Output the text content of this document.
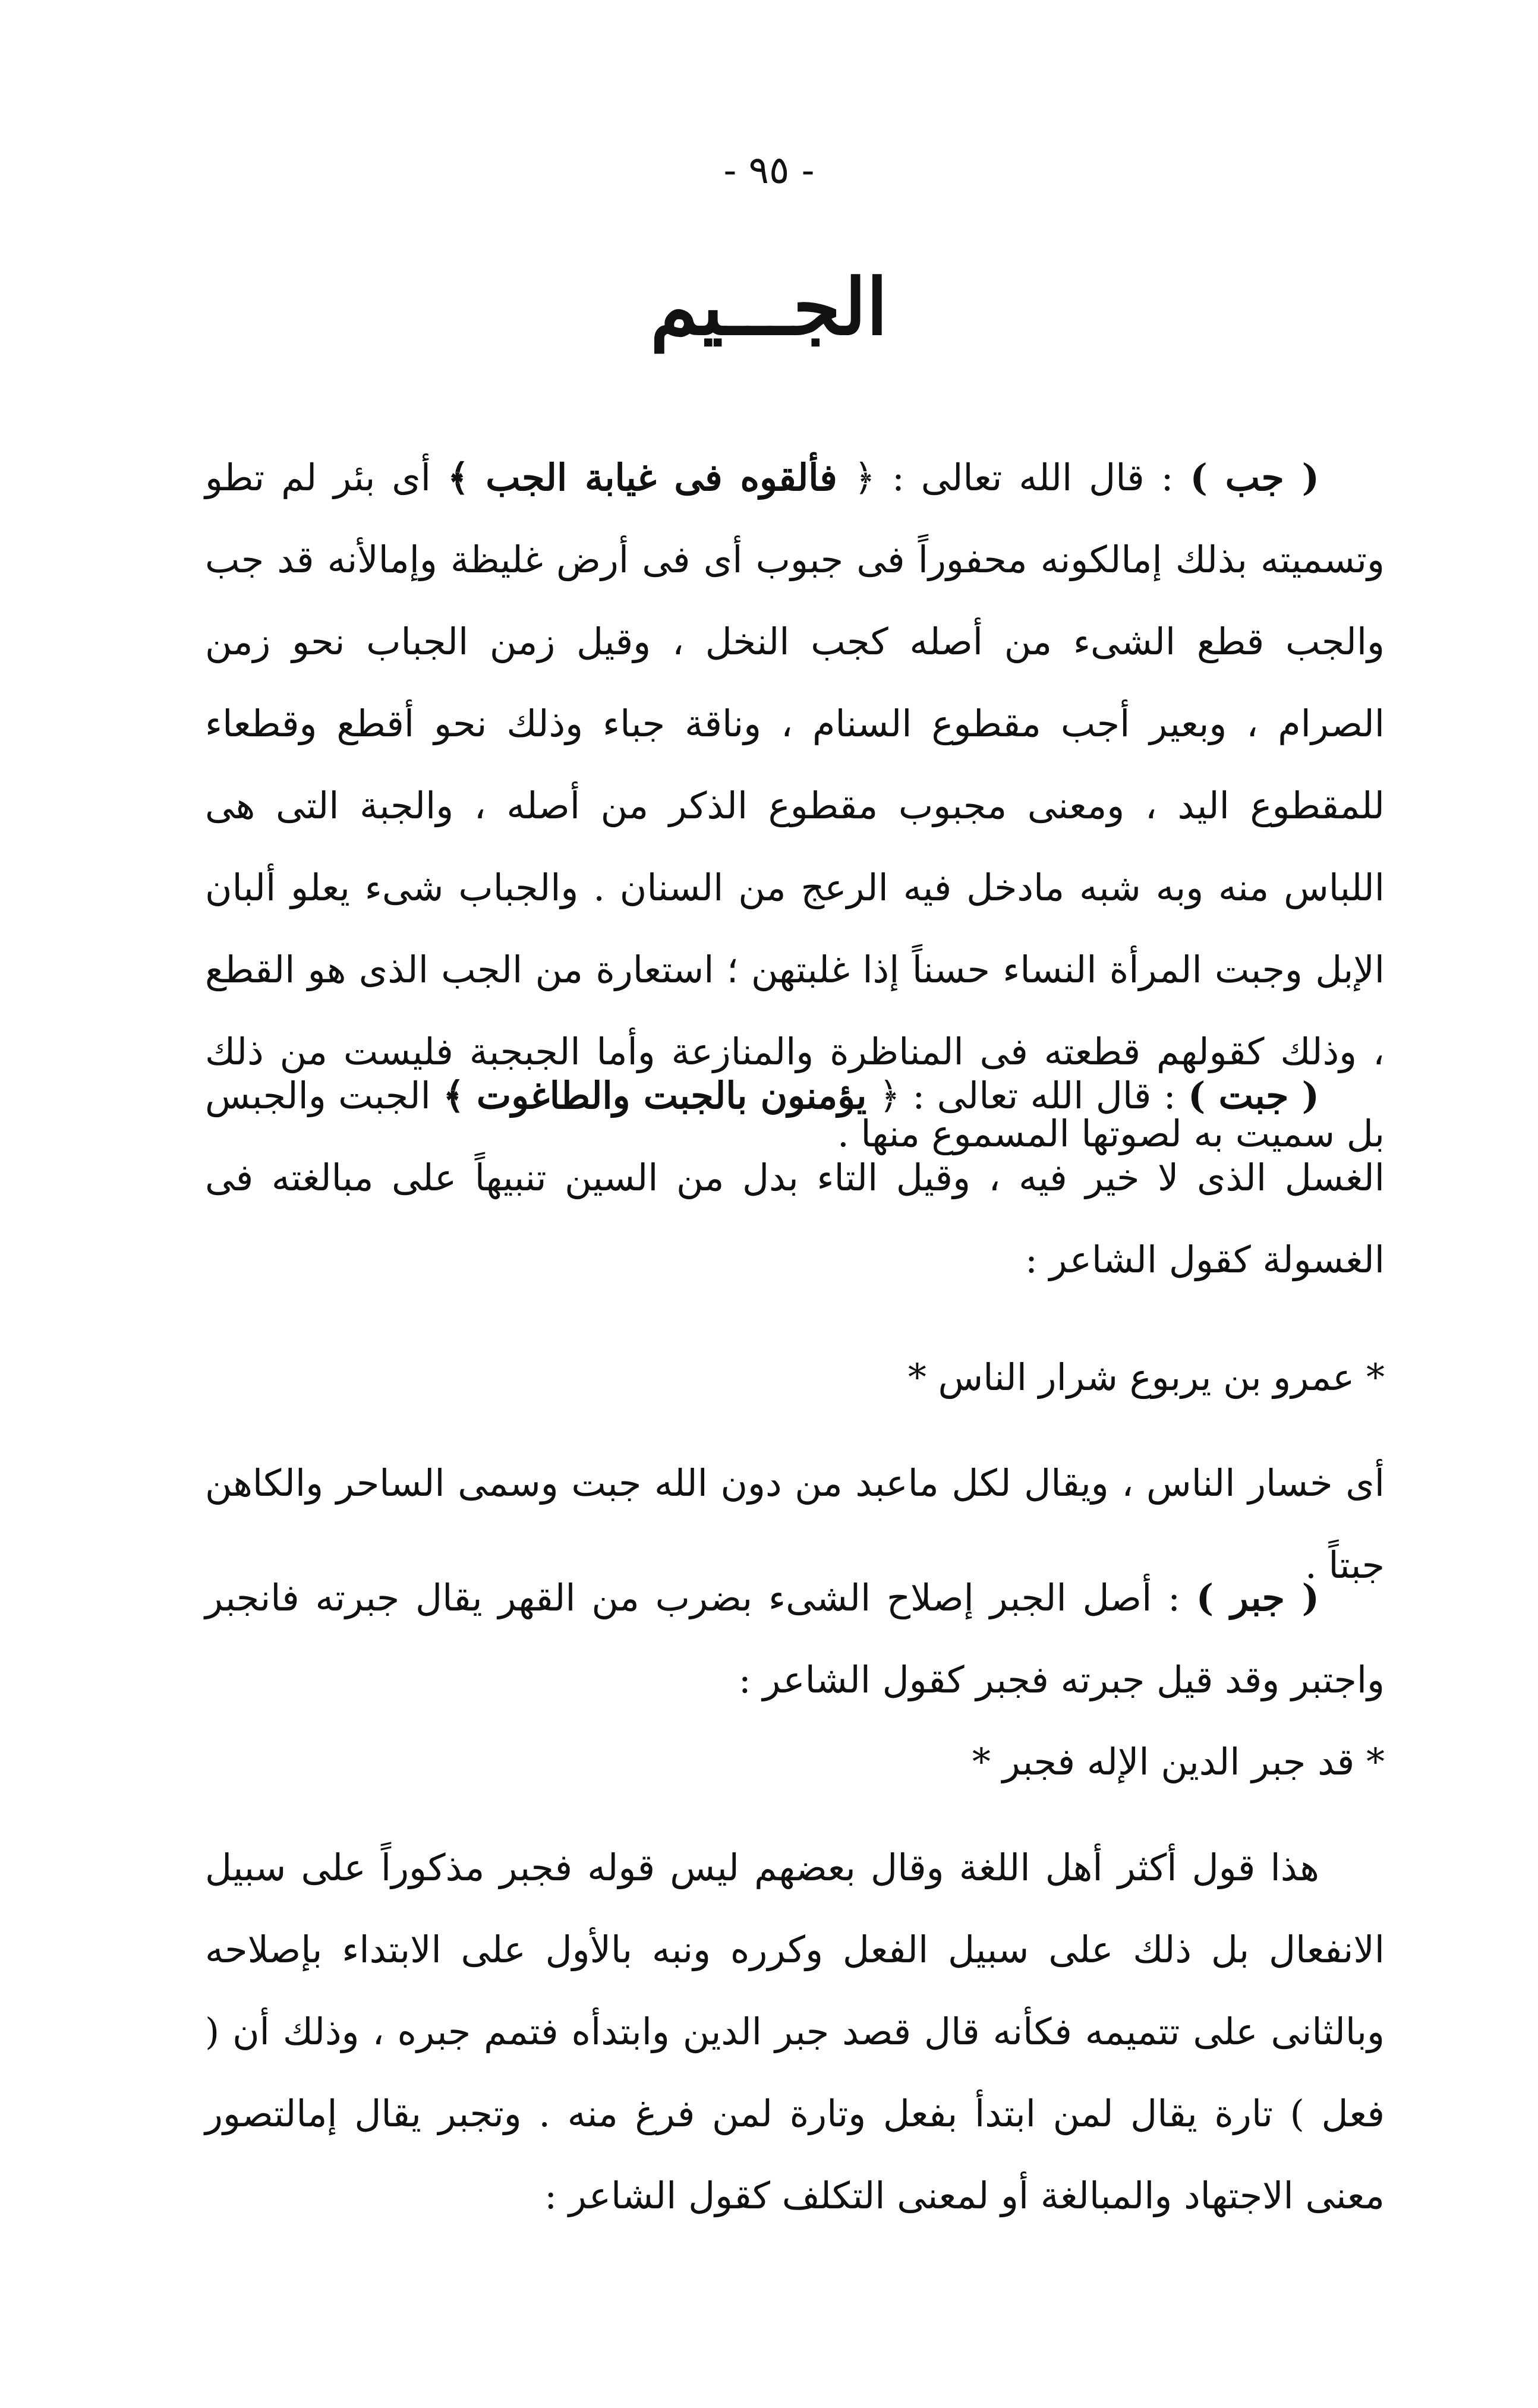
- ٩٥ -
الجـــيم

( جب ) : قال الله تعالى : ﴿ فألقوه فى غيابة الجب ﴾ أى بئر لم تطو وتسميته بذلك إمالكونه محفوراً فى جبوب أى فى أرض غليظة وإمالأنه قد جب والجب قطع الشىء من أصله كجب النخل ، وقيل زمن الجباب نحو زمن الصرام ، وبعير أجب مقطوع السنام ، وناقة جباء وذلك نحو أقطع وقطعاء للمقطوع اليد ، ومعنى مجبوب مقطوع الذكر من أصله ، والجبة التى هى اللباس منه وبه شبه مادخل فيه الرعج من السنان . والجباب شىء يعلو ألبان الإبل وجبت المرأة النساء حسناً إذا غلبتهن ؛ استعارة من الجب الذى هو القطع ، وذلك كقولهم قطعته فى المناظرة والمنازعة وأما الجبجبة فليست من ذلك بل سميت به لصوتها المسموع منها .

( جبت ) : قال الله تعالى : ﴿ يؤمنون بالجبت والطاغوت ﴾ الجبت والجبس الغسل الذى لا خير فيه ، وقيل التاء بدل من السين تنبيهاً على مبالغته فى الغسولة كقول الشاعر :

* عمرو بن يربوع شرار الناس *

أى خسار الناس ، ويقال لكل ماعبد من دون الله جبت وسمى الساحر والكاهن جبتاً .

( جبر ) : أصل الجبر إصلاح الشىء بضرب من القهر يقال جبرته فانجبر واجتبر وقد قيل جبرته فجبر كقول الشاعر :

* قد جبر الدين الإله فجبر *

هذا قول أكثر أهل اللغة وقال بعضهم ليس قوله فجبر مذكوراً على سبيل الانفعال بل ذلك على سبيل الفعل وكرره ونبه بالأول على الابتداء بإصلاحه وبالثانى على تتميمه فكأنه قال قصد جبر الدين وابتدأه فتمم جبره ، وذلك أن ( فعل ) تارة يقال لمن ابتدأ بفعل وتارة لمن فرغ منه . وتجبر يقال إمالتصور معنى الاجتهاد والمبالغة أو لمعنى التكلف كقول الشاعر :
